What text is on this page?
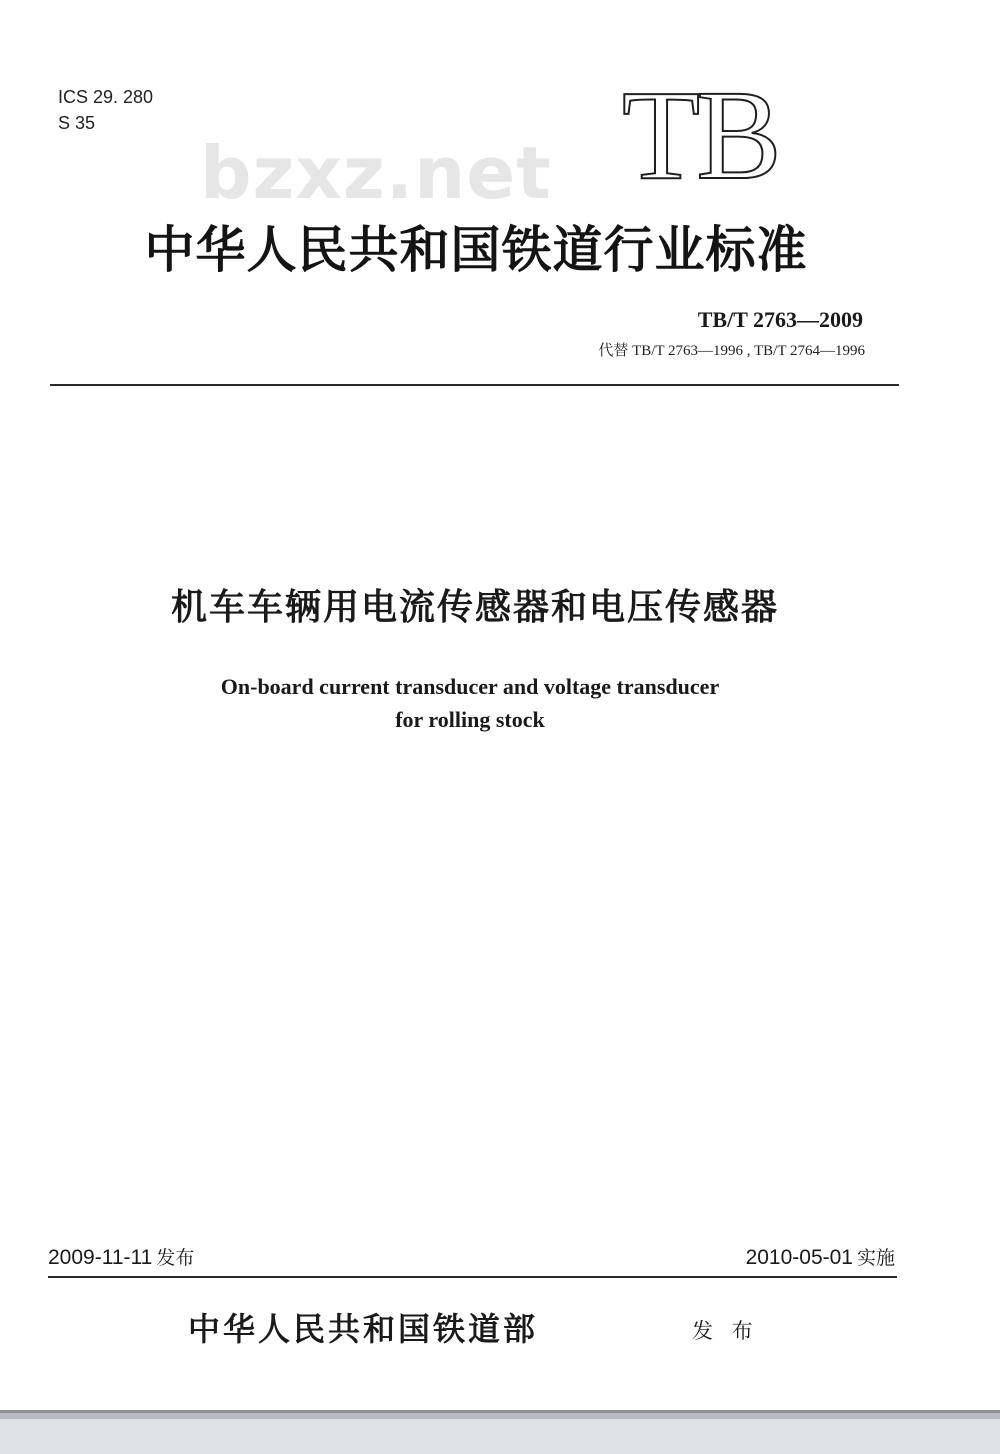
ICS 29. 280
S 35	TB
bzxz.net
中华人民共和国铁道行业标准
TB/T 2763—2009
代替 TB/T 2763—1996 , TB/T 2764—1996
机车车辆用电流传感器和电压传感器
On-board current transducer and voltage transducer
for rolling stock
2009-11-11 发布	2010-05-01 实施
中华人民共和国铁道部	发 布
